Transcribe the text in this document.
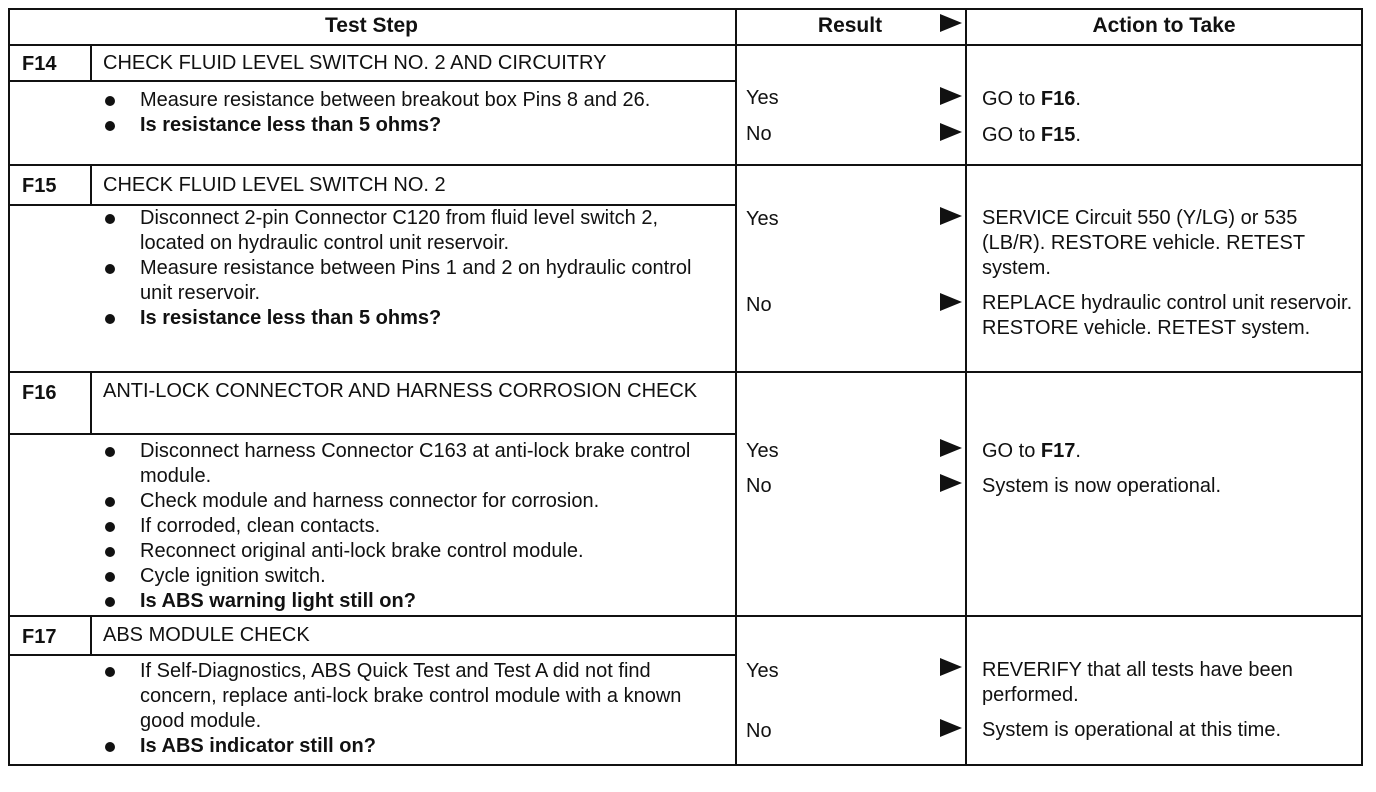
Test Step	Result	Action to Take
F14 CHECK FLUID LEVEL SWITCH NO. 2 AND CIRCUITRY
Measure resistance between breakout box Pins 8 and 26.
Is resistance less than 5 ohms?
Yes	GO to F16.
No	GO to F15.
F15 CHECK FLUID LEVEL SWITCH NO. 2
Disconnect 2-pin Connector C120 from fluid level switch 2, located on hydraulic control unit reservoir.
Measure resistance between Pins 1 and 2 on hydraulic control unit reservoir.
Is resistance less than 5 ohms?
Yes	SERVICE Circuit 550 (Y/LG) or 535 (LB/R). RESTORE vehicle. RETEST system.
No	REPLACE hydraulic control unit reservoir. RESTORE vehicle. RETEST system.
F16 ANTI-LOCK CONNECTOR AND HARNESS CORROSION CHECK
Disconnect harness Connector C163 at anti-lock brake control module.
Check module and harness connector for corrosion.
If corroded, clean contacts.
Reconnect original anti-lock brake control module.
Cycle ignition switch.
Is ABS warning light still on?
Yes	GO to F17.
No	System is now operational.
F17 ABS MODULE CHECK
If Self-Diagnostics, ABS Quick Test and Test A did not find concern, replace anti-lock brake control module with a known good module.
Is ABS indicator still on?
Yes	REVERIFY that all tests have been performed.
No	System is operational at this time.
